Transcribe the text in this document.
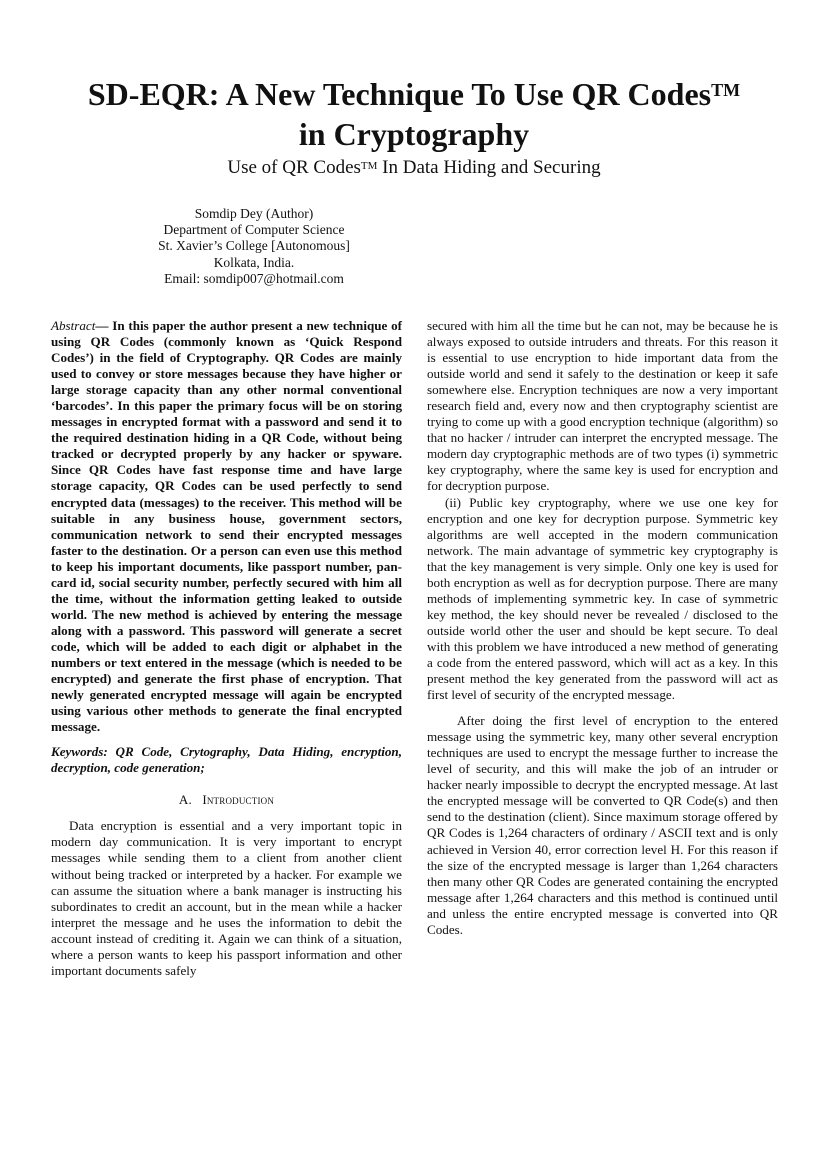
SD-EQR: A New Technique To Use QR Codes™
in Cryptography
Use of QR Codes™ In Data Hiding and Securing
Somdip Dey (Author)
Department of Computer Science
St. Xavier’s College [Autonomous]
Kolkata, India.
Email: somdip007@hotmail.com

Abstract— In this paper the author present a new technique of using QR Codes (commonly known as ‘Quick Respond Codes’) in the field of Cryptography. QR Codes are mainly used to convey or store messages because they have higher or large storage capacity than any other normal conventional ‘barcodes’. In this paper the primary focus will be on storing messages in encrypted format with a password and send it to the required destination hiding in a QR Code, without being tracked or decrypted properly by any hacker or spyware. Since QR Codes have fast response time and have large storage capacity, QR Codes can be used perfectly to send encrypted data (messages) to the receiver. This method will be suitable in any business house, government sectors, communication network to send their encrypted messages faster to the destination. Or a person can even use this method to keep his important documents, like passport number, pan-card id, social security number, perfectly secured with him all the time, without the information getting leaked to outside world. The new method is achieved by entering the message along with a password. This password will generate a secret code, which will be added to each digit or alphabet in the numbers or text entered in the message (which is needed to be encrypted) and generate the first phase of encryption. That newly generated encrypted message will again be encrypted using various other methods to generate the final encrypted message.

Keywords: QR Code, Crytography, Data Hiding, encryption, decryption, code generation;

A. Introduction

Data encryption is essential and a very important topic in modern day communication. It is very important to encrypt messages while sending them to a client from another client without being tracked or interpreted by a hacker. For example we can assume the situation where a bank manager is instructing his subordinates to credit an account, but in the mean while a hacker interpret the message and he uses the information to debit the account instead of crediting it. Again we can think of a situation, where a person wants to keep his passport information and other important documents safely

secured with him all the time but he can not, may be because he is always exposed to outside intruders and threats. For this reason it is essential to use encryption to hide important data from the outside world and send it safely to the destination or keep it safe somewhere else. Encryption techniques are now a very important research field and, every now and then cryptography scientist are trying to come up with a good encryption technique (algorithm) so that no hacker / intruder can interpret the encrypted message. The modern day cryptographic methods are of two types (i) symmetric key cryptography, where the same key is used for encryption and for decryption purpose.

(ii) Public key cryptography, where we use one key for encryption and one key for decryption purpose. Symmetric key algorithms are well accepted in the modern communication network. The main advantage of symmetric key cryptography is that the key management is very simple. Only one key is used for both encryption as well as for decryption purpose. There are many methods of implementing symmetric key. In case of symmetric key method, the key should never be revealed / disclosed to the outside world other the user and should be kept secure. To deal with this problem we have introduced a new method of generating a code from the entered password, which will act as a key. In this present method the key generated from the password will act as first level of security of the encrypted message.

After doing the first level of encryption to the entered message using the symmetric key, many other several encryption techniques are used to encrypt the message further to increase the level of security, and this will make the job of an intruder or hacker nearly impossible to decrypt the encrypted message. At last the encrypted message will be converted to QR Code(s) and then send to the destination (client). Since maximum storage offered by QR Codes is 1,264 characters of ordinary / ASCII text and is only achieved in Version 40, error correction level H. For this reason if the size of the encrypted message is larger than 1,264 characters then many other QR Codes are generated containing the encrypted message after 1,264 characters and this method is continued until and unless the entire encrypted message is converted into QR Codes.
